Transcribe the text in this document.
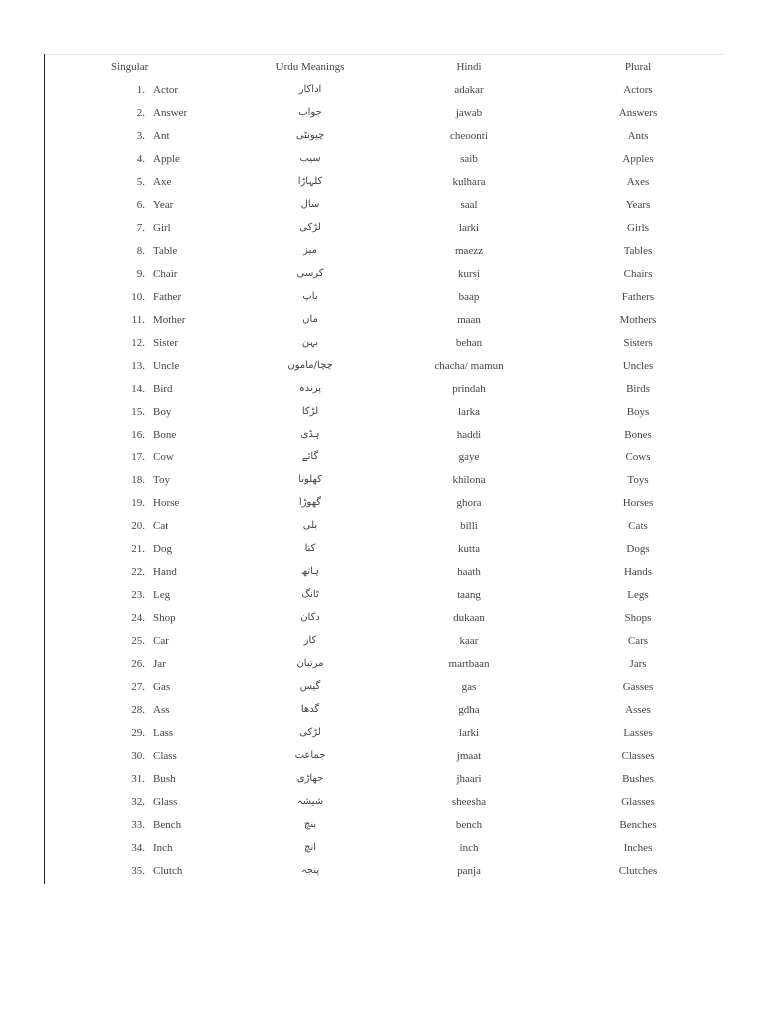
Singular	Urdu Meanings	Hindi	Plural
1. Actor	اداکار	adakar	Actors
2. Answer	جواب	jawab	Answers
3. Ant	چیونٹی	cheoonti	Ants
4. Apple	سیب	saib	Apples
5. Axe	کلہاڑا	kulhara	Axes
6. Year	سال	saal	Years
7. Girl	لڑکی	larki	Girls
8. Table	میز	maezz	Tables
9. Chair	کرسی	kursi	Chairs
10. Father	باپ	baap	Fathers
11. Mother	ماں	maan	Mothers
12. Sister	بہن	behan	Sisters
13. Uncle	چچا/ماموں	chacha/ mamun	Uncles
14. Bird	پرندہ	prindah	Birds
15. Boy	لڑکا	larka	Boys
16. Bone	ہڈی	haddi	Bones
17. Cow	گائے	gaye	Cows
18. Toy	کھلونا	khilona	Toys
19. Horse	گھوڑا	ghora	Horses
20. Cat	بلی	billi	Cats
21. Dog	کتا	kutta	Dogs
22. Hand	ہاتھ	haath	Hands
23. Leg	ٹانگ	taang	Legs
24. Shop	دکان	dukaan	Shops
25. Car	کار	kaar	Cars
26. Jar	مرتبان	martbaan	Jars
27. Gas	گیس	gas	Gasses
28. Ass	گدھا	gdha	Asses
29. Lass	لڑکی	larki	Lasses
30. Class	جماعت	jmaat	Classes
31. Bush	جھاڑی	jhaari	Bushes
32. Glass	شیشہ	sheesha	Glasses
33. Bench	بنچ	bench	Benches
34. Inch	انچ	inch	Inches
35. Clutch	پنجہ	panja	Clutches
